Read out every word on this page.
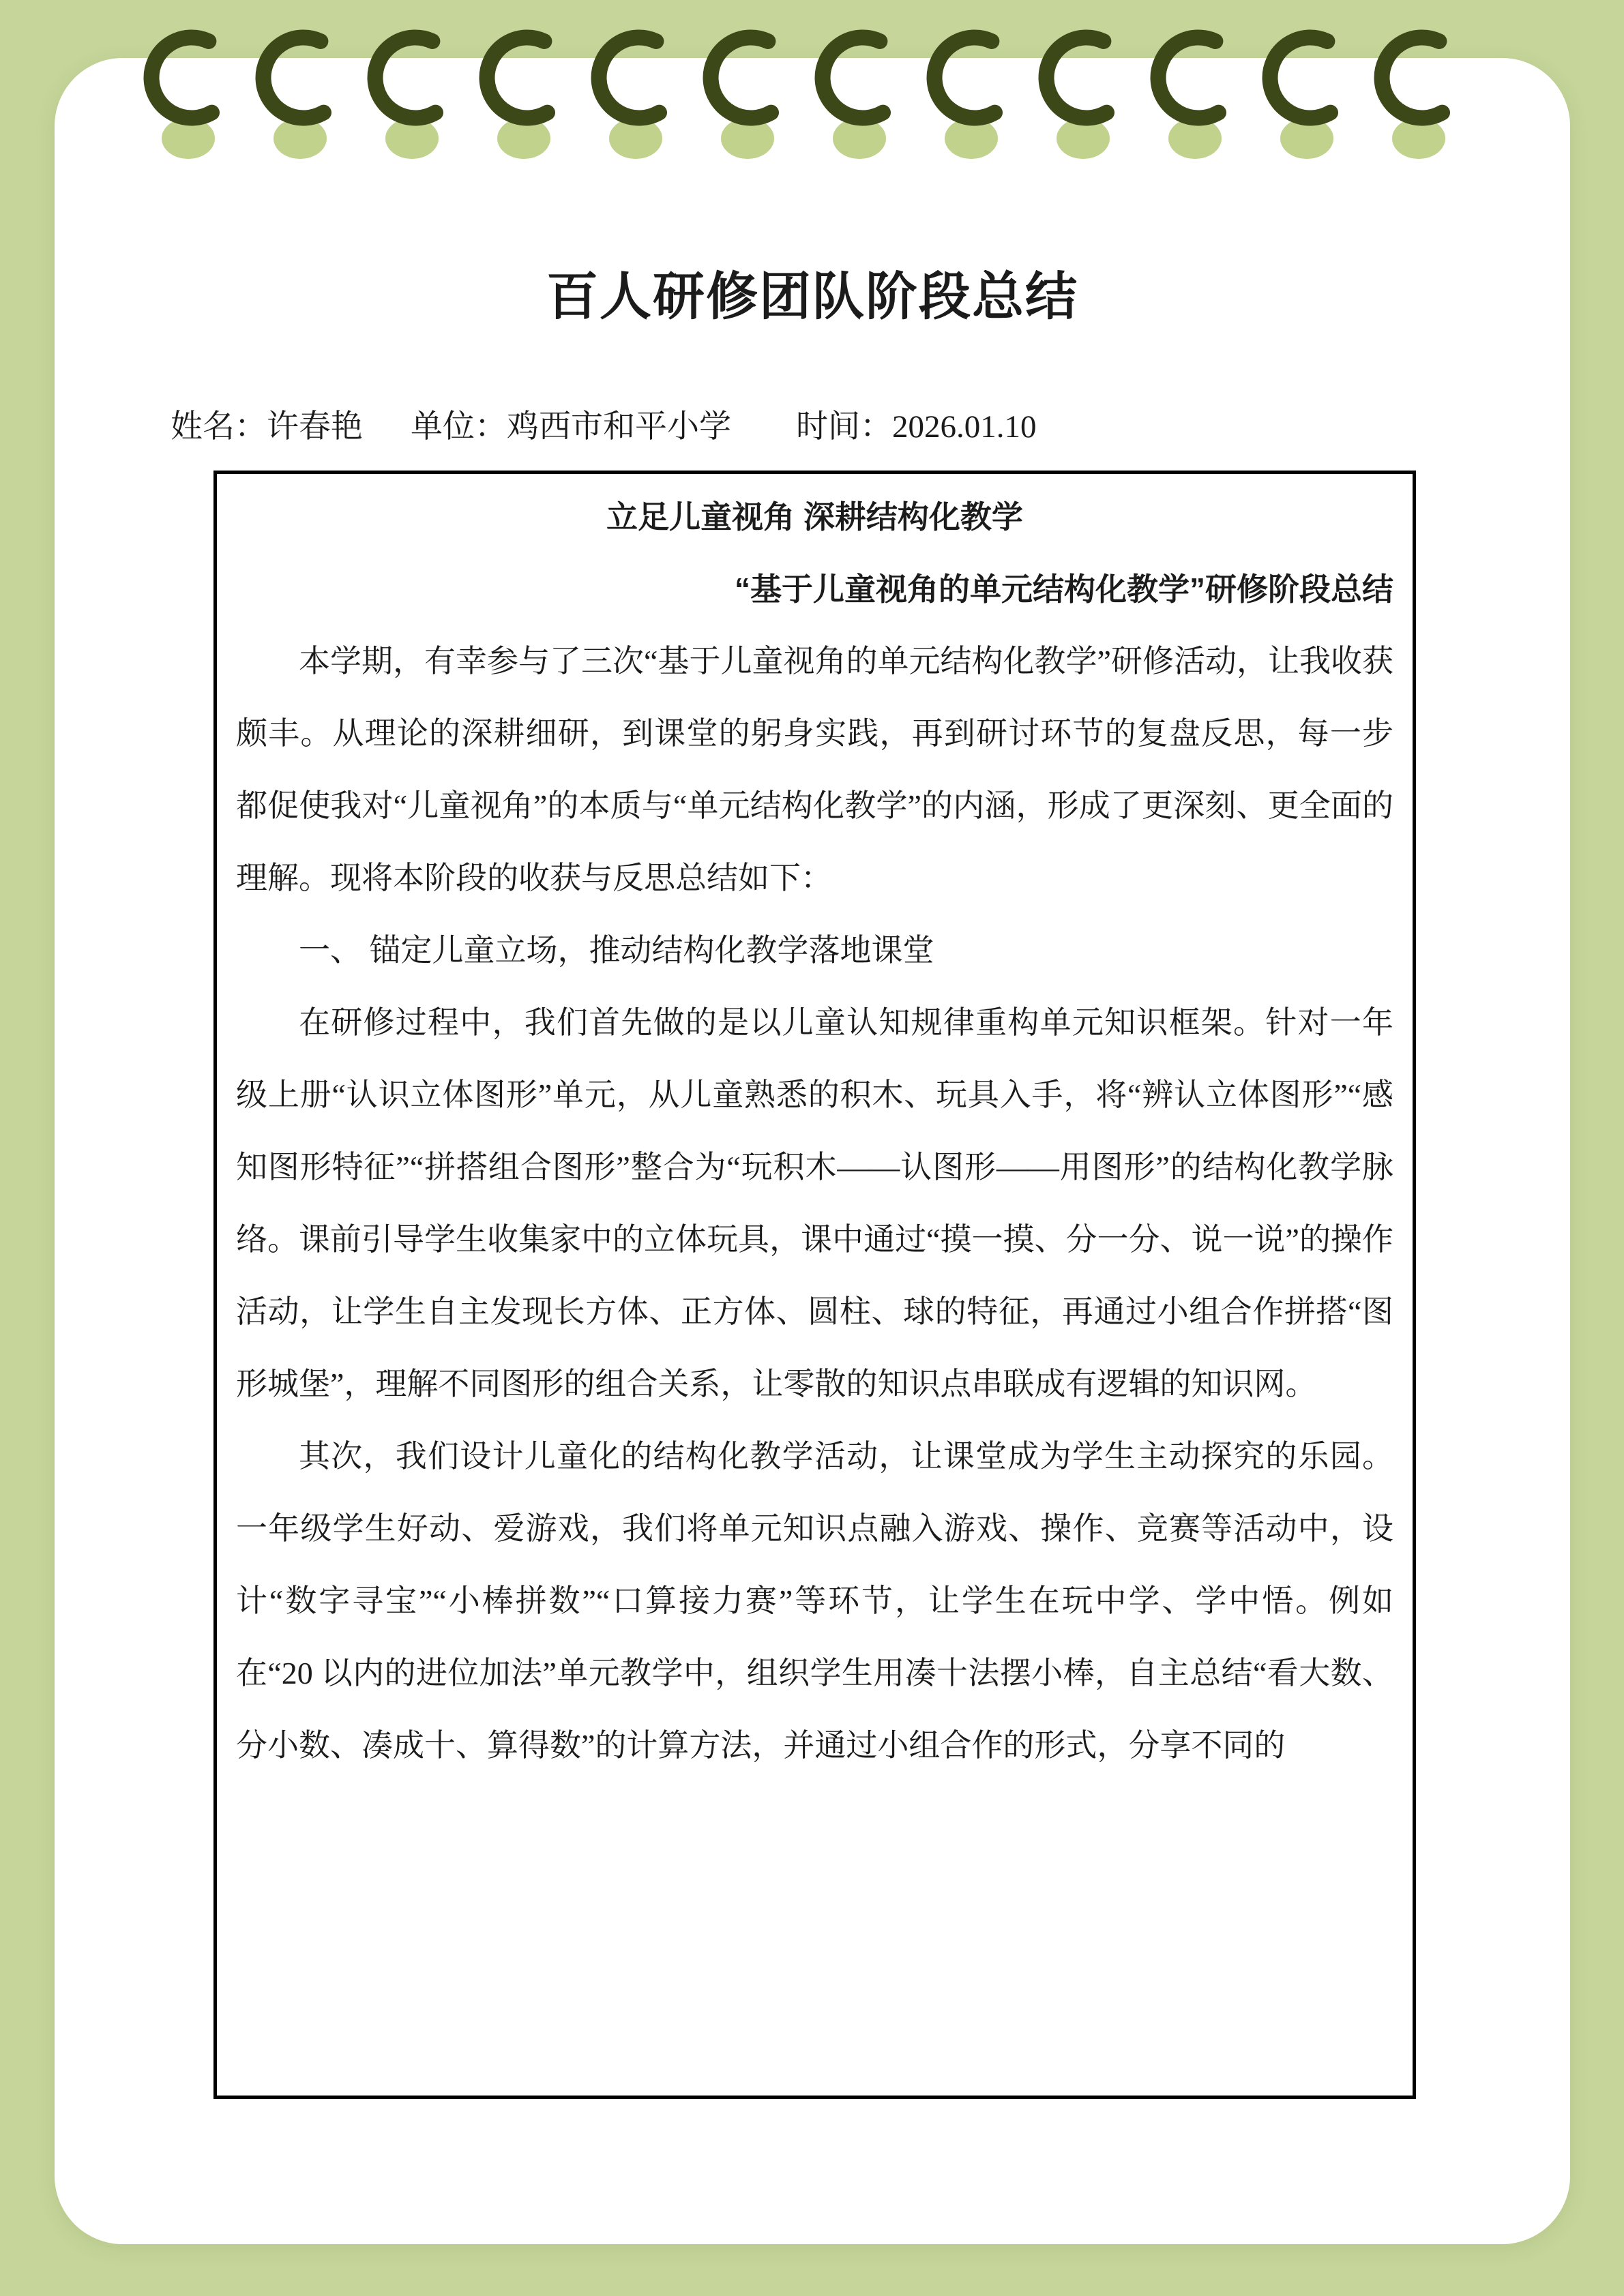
百人研修团队阶段总结
姓名： 许春艳 单位： 鸡西市和平小学 时间： 2026.01.10

立足儿童视角 深耕结构化教学

“基于儿童视角的单元结构化教学”研修阶段总结

本学期，有幸参与了三次“基于儿童视角的单元结构化教学”研修活动，让我收获颇丰。从理论的深耕细研，到课堂的躬身实践，再到研讨环节的复盘反思，每一步都促使我对“儿童视角”的本质与“单元结构化教学”的内涵，形成了更深刻、更全面的理解。现将本阶段的收获与反思总结如下：

一、 锚定儿童立场，推动结构化教学落地课堂

在研修过程中，我们首先做的是以儿童认知规律重构单元知识框架。针对一年级上册“认识立体图形”单元，从儿童熟悉的积木、玩具入手，将“辨认立体图形”“感知图形特征”“拼搭组合图形”整合为“玩积木——认图形——用图形”的结构化教学脉络。课前引导学生收集家中的立体玩具，课中通过“摸一摸、分一分、说一说”的操作活动，让学生自主发现长方体、正方体、圆柱、球的特征，再通过小组合作拼搭“图形城堡”，理解不同图形的组合关系，让零散的知识点串联成有逻辑的知识网。

其次，我们设计儿童化的结构化教学活动，让课堂成为学生主动探究的乐园。一年级学生好动、爱游戏，我们将单元知识点融入游戏、操作、竞赛等活动中，设计“数字寻宝”“小棒拼数”“口算接力赛”等环节，让学生在玩中学、学中悟。例如在“20 以内的进位加法”单元教学中，组织学生用凑十法摆小棒，自主总结“看大数、分小数、凑成十、算得数”的计算方法，并通过小组合作的形式，分享不同的
